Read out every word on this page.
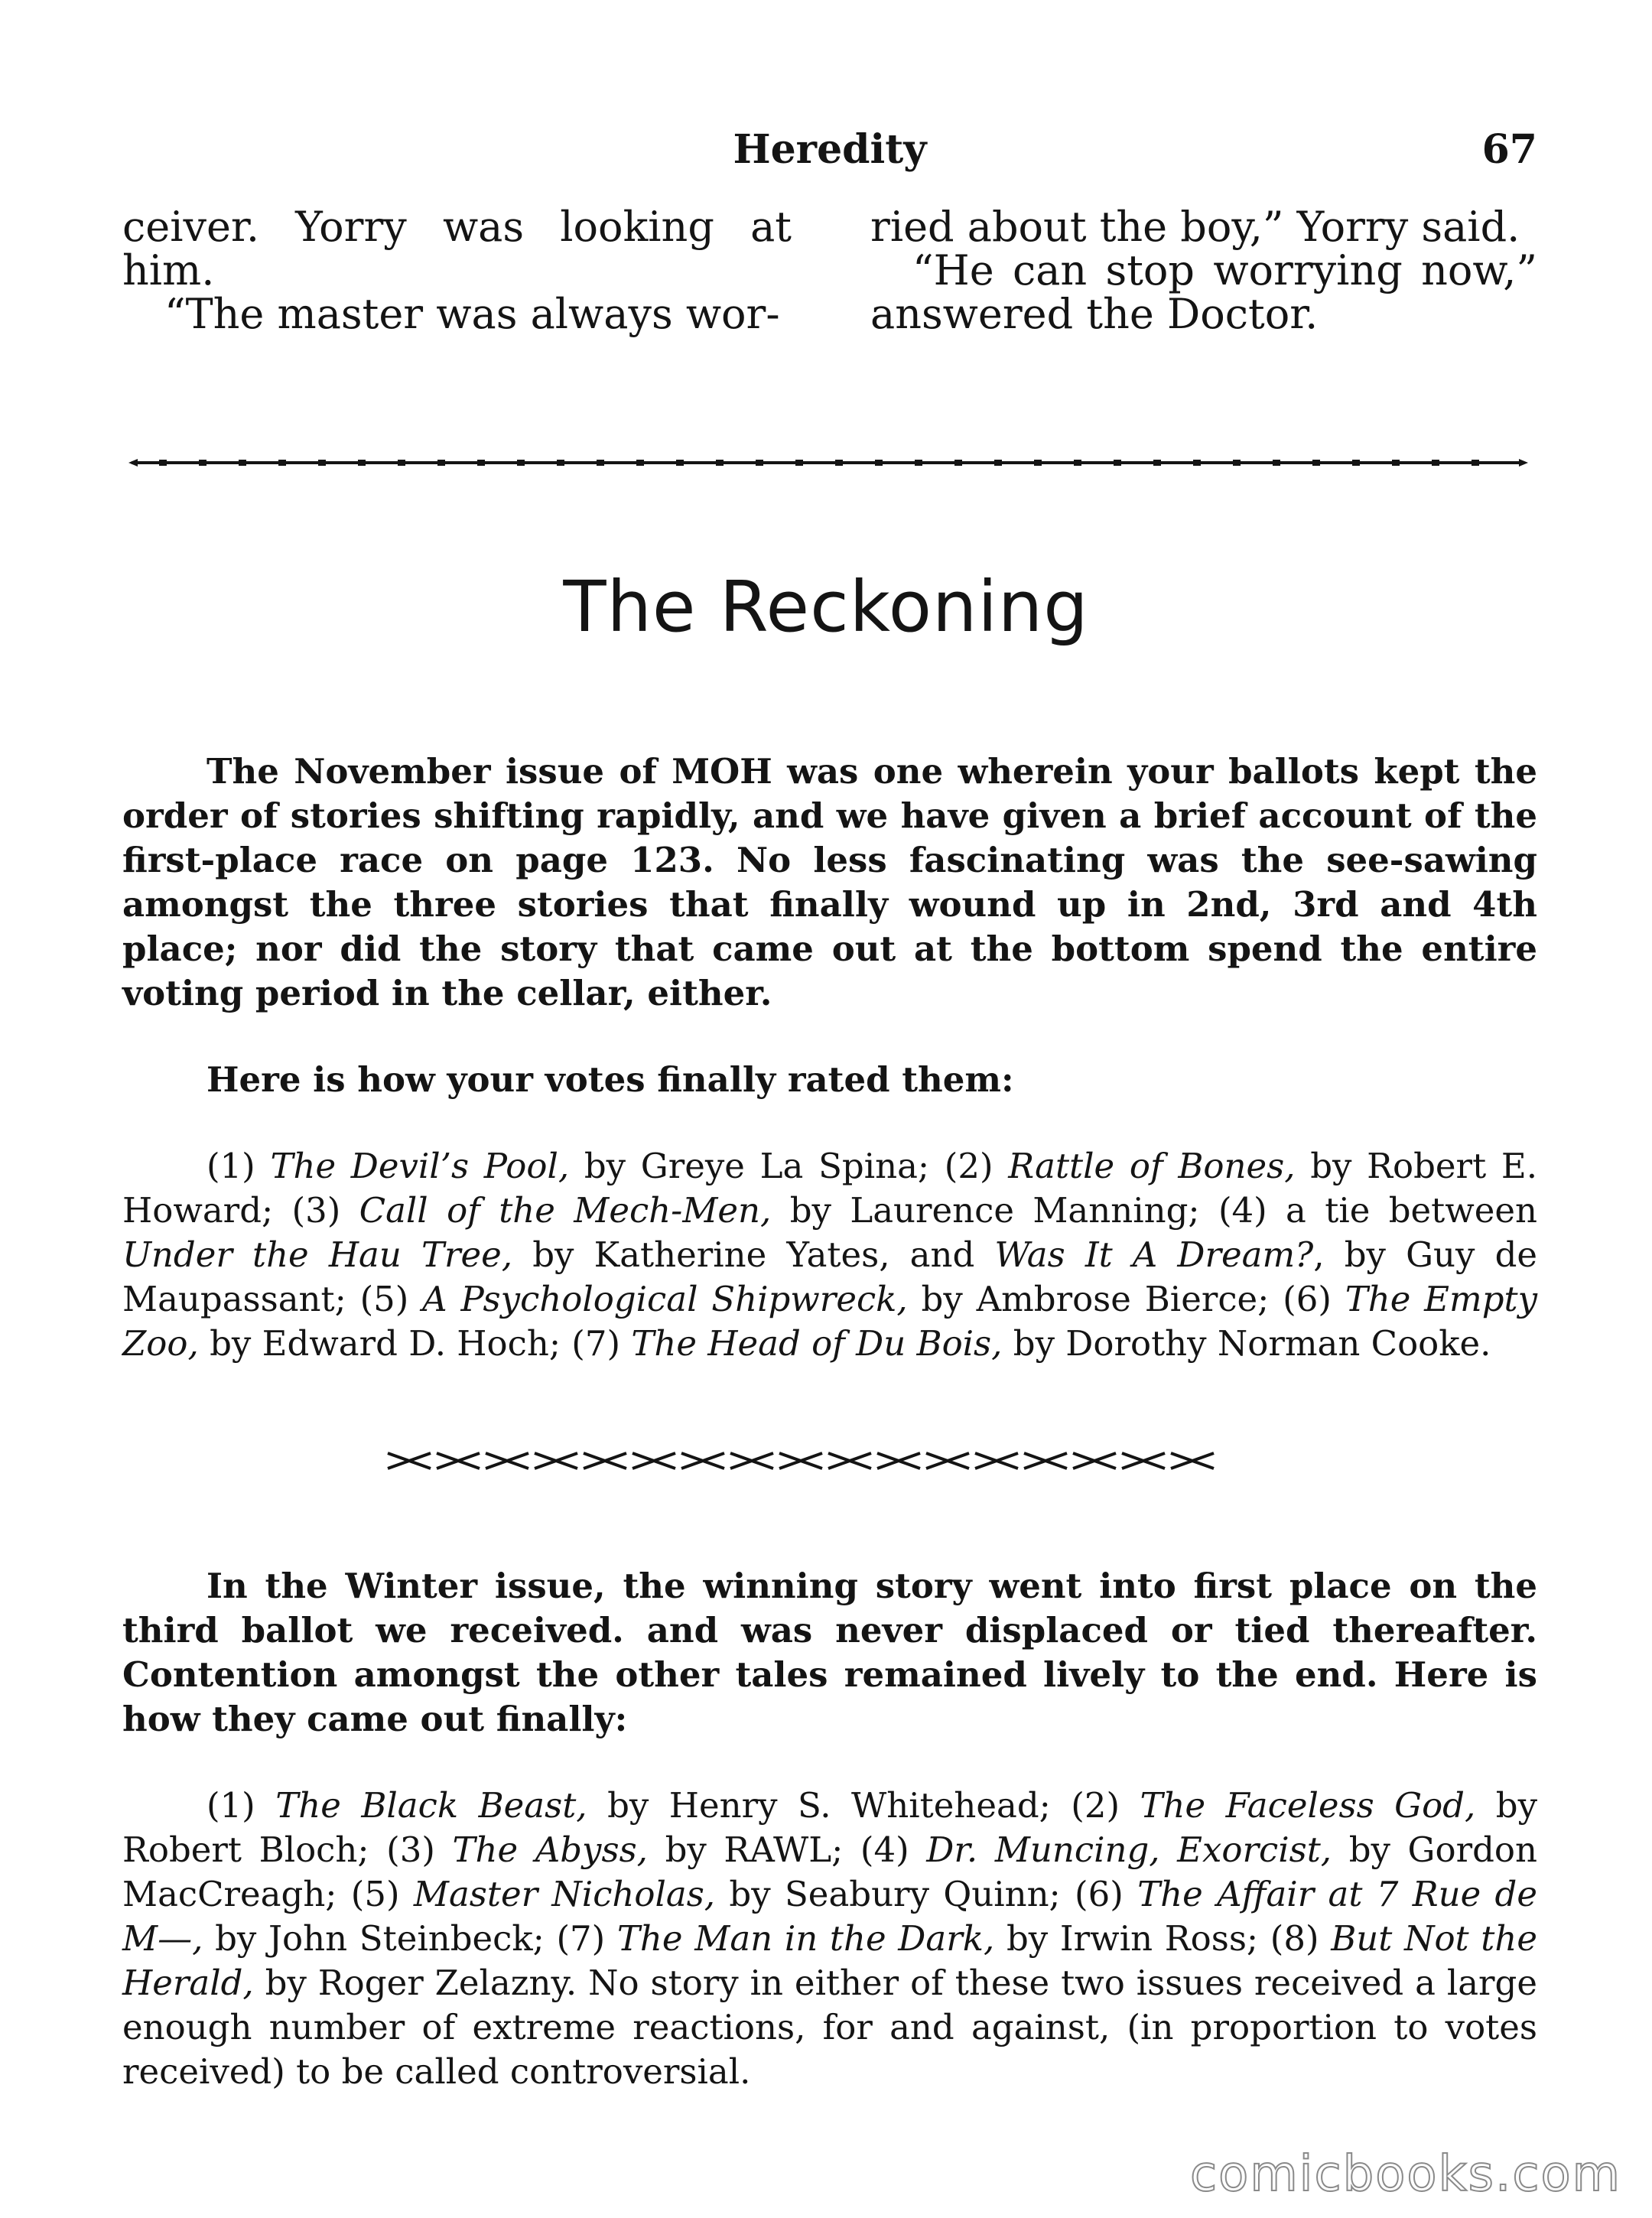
Heredity	67

ceiver. Yorry was looking at him.

“The master was always wor-

ried about the boy,” Yorry said.

“He can stop worrying now,” answered the Doctor.

The Reckoning

The November issue of MOH was one wherein your ballots kept the order of stories shifting rapidly, and we have given a brief account of the first-place race on page 123. No less fascinating was the see-sawing amongst the three stories that finally wound up in 2nd, 3rd and 4th place; nor did the story that came out at the bottom spend the entire voting period in the cellar, either.

Here is how your votes finally rated them:

(1) The Devil’s Pool, by Greye La Spina; (2) Rattle of Bones, by Robert E. Howard; (3) Call of the Mech-Men, by Laurence Manning; (4) a tie between Under the Hau Tree, by Katherine Yates, and Was It A Dream?, by Guy de Maupassant; (5) A Psychological Shipwreck, by Ambrose Bierce; (6) The Empty Zoo, by Edward D. Hoch; (7) The Head of Du Bois, by Dorothy Norman Cooke.

In the Winter issue, the winning story went into first place on the third ballot we received. and was never displaced or tied thereafter. Contention amongst the other tales remained lively to the end. Here is how they came out finally:

(1) The Black Beast, by Henry S. Whitehead; (2) The Faceless God, by Robert Bloch; (3) The Abyss, by RAWL; (4) Dr. Muncing, Exorcist, by Gordon MacCreagh; (5) Master Nicholas, by Seabury Quinn; (6) The Affair at 7 Rue de M—, by John Steinbeck; (7) The Man in the Dark, by Irwin Ross; (8) But Not the Herald, by Roger Zelazny. No story in either of these two issues received a large enough number of extreme reactions, for and against, (in proportion to votes received) to be called controversial.

comicbooks.com
